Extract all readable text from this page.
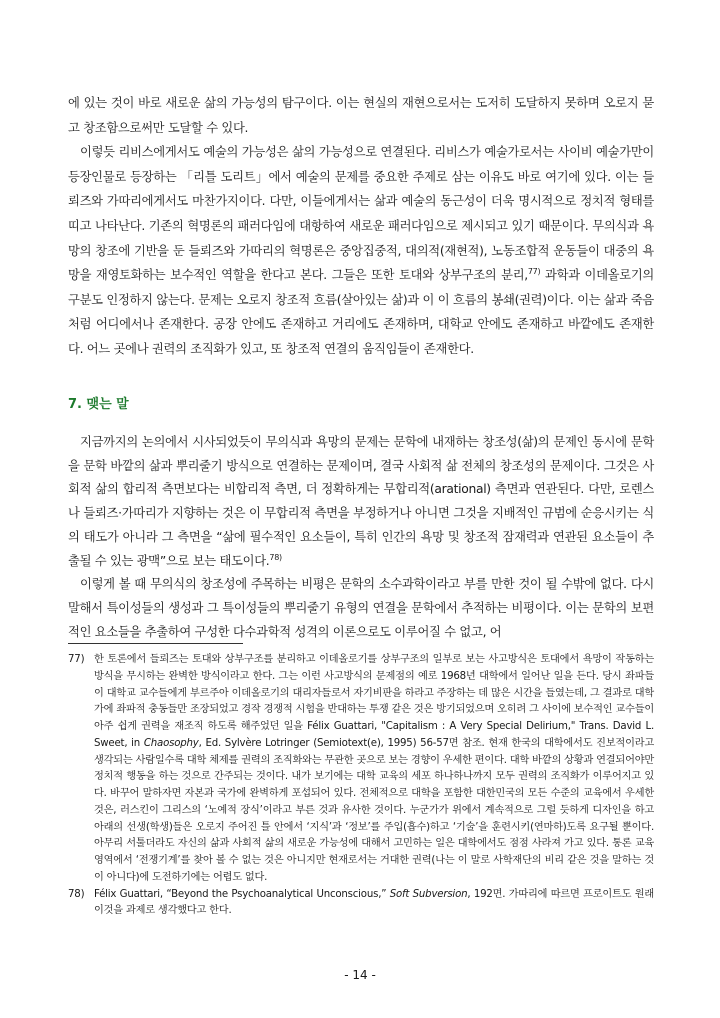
에 있는 것이 바로 새로운 삶의 가능성의 탐구이다. 이는 현실의 재현으로서는 도저히 도달하지 못하며 오로지 묻고 창조함으로써만 도달할 수 있다.

이렇듯 리비스에게서도 예술의 가능성은 삶의 가능성으로 연결된다. 리비스가 예술가로서는 사이비 예술가만이 등장인물로 등장하는 「리틀 도리트」에서 예술의 문제를 중요한 주제로 삼는 이유도 바로 여기에 있다. 이는 들뢰즈와 가따리에게서도 마찬가지이다. 다만, 이들에게서는 삶과 예술의 동근성이 더욱 명시적으로 정치적 형태를 띠고 나타난다. 기존의 혁명론의 패러다임에 대항하여 새로운 패러다임으로 제시되고 있기 때문이다. 무의식과 욕망의 창조에 기반을 둔 들뢰즈와 가따리의 혁명론은 중앙집중적, 대의적(재현적), 노동조합적 운동들이 대중의 욕망을 재영토화하는 보수적인 역할을 한다고 본다. 그들은 또한 토대와 상부구조의 분리,$^{77)}$ 과학과 이데올로기의 구분도 인정하지 않는다. 문제는 오로지 창조적 흐름(살아있는 삶)과 이 이 흐름의 봉쇄(권력)이다. 이는 삶과 죽음처럼 어디에서나 존재한다. 공장 안에도 존재하고 거리에도 존재하며, 대학교 안에도 존재하고 바깥에도 존재한다. 어느 곳에나 권력의 조직화가 있고, 또 창조적 연결의 움직임들이 존재한다.

7. 맺는 말

지금까지의 논의에서 시사되었듯이 무의식과 욕망의 문제는 문학에 내재하는 창조성(삶)의 문제인 동시에 문학을 문학 바깥의 삶과 뿌리줄기 방식으로 연결하는 문제이며, 결국 사회적 삶 전체의 창조성의 문제이다. 그것은 사회적 삶의 합리적 측면보다는 비합리적 측면, 더 정확하게는 무합리적(arational) 측면과 연관된다. 다만, 로렌스나 들뢰즈·가따리가 지향하는 것은 이 무합리적 측면을 부정하거나 아니면 그것을 지배적인 규범에 순응시키는 식의 태도가 아니라 그 측면을 “삶에 필수적인 요소들이, 특히 인간의 욕망 및 창조적 잠재력과 연관된 요소들이 추출될 수 있는 광맥”으로 보는 태도이다.$^{78)}$

이렇게 볼 때 무의식의 창조성에 주목하는 비평은 문학의 소수과학이라고 부를 만한 것이 될 수밖에 없다. 다시 말해서 특이성들의 생성과 그 특이성들의 뿌리줄기 유형의 연결을 문학에서 추적하는 비평이다. 이는 문학의 보편적인 요소들을 추출하여 구성한 다수과학적 성격의 이론으로도 이루어질 수 없고, 어

77) 한 토론에서 들뢰즈는 토대와 상부구조를 분리하고 이데올로기를 상부구조의 일부로 보는 사고방식은 토대에서 욕망이 작동하는 방식을 무시하는 완벽한 방식이라고 한다. 그는 이런 사고방식의 문제점의 예로 1968년 대학에서 일어난 일을 든다. 당시 좌파들이 대학교 교수들에게 부르주아 이데올로기의 대리자들로서 자기비판을 하라고 주장하는 데 많은 시간을 들였는데, 그 결과로 대학가에 좌파적 충동들만 조장되었고 경작 경쟁적 시험을 반대하는 투쟁 같은 것은 방기되었으며 오히려 그 사이에 보수적인 교수들이 아주 쉽게 권력을 재조직 하도록 해주었던 일을 Félix Guattari, "Capitalism : A Very Special Delirium," Trans. David L. Sweet, in Chaosophy, Ed. Sylvère Lotringer (Semiotext(e), 1995) 56-57면 참조. 현재 한국의 대학에서도 진보적이라고 생각되는 사람일수록 대학 체제를 권력의 조직화와는 무관한 곳으로 보는 경향이 우세한 편이다. 대학 바깥의 상황과 연결되어야만 정치적 행동을 하는 것으로 간주되는 것이다. 내가 보기에는 대학 교육의 세포 하나하나까지 모두 권력의 조직화가 이루어지고 있다. 바꾸어 말하자면 자본과 국가에 완벽하게 포섭되어 있다. 전체적으로 대학을 포함한 대한민국의 모든 수준의 교육에서 우세한 것은, 러스킨이 그리스의 ‘노예적 장식’이라고 부른 것과 유사한 것이다. 누군가가 위에서 계속적으로 그럴 듯하게 디자인을 하고 아래의 선생(학생)들은 오로지 주어진 틀 안에서 ‘지식’과 ‘정보’를 주입(흡수)하고 ‘기술’을 훈련시키(연마하)도록 요구될 뿐이다. 아무리 서툴더라도 자신의 삶과 사회적 삶의 새로운 가능성에 대해서 고민하는 일은 대학에서도 점점 사라져 가고 있다. 통론 교육 영역에서 ‘전쟁기계’를 찾아 볼 수 없는 것은 아니지만 현재로서는 거대한 권력(나는 이 말로 사학재단의 비리 같은 것을 말하는 것이 아니다)에 도전하기에는 어렵도 없다.
78) Félix Guattari, “Beyond the Psychoanalytical Unconscious,” Soft Subversion, 192면. 가따리에 따르면 프로이트도 원래 이것을 과제로 생각했다고 한다.
- 14 -
